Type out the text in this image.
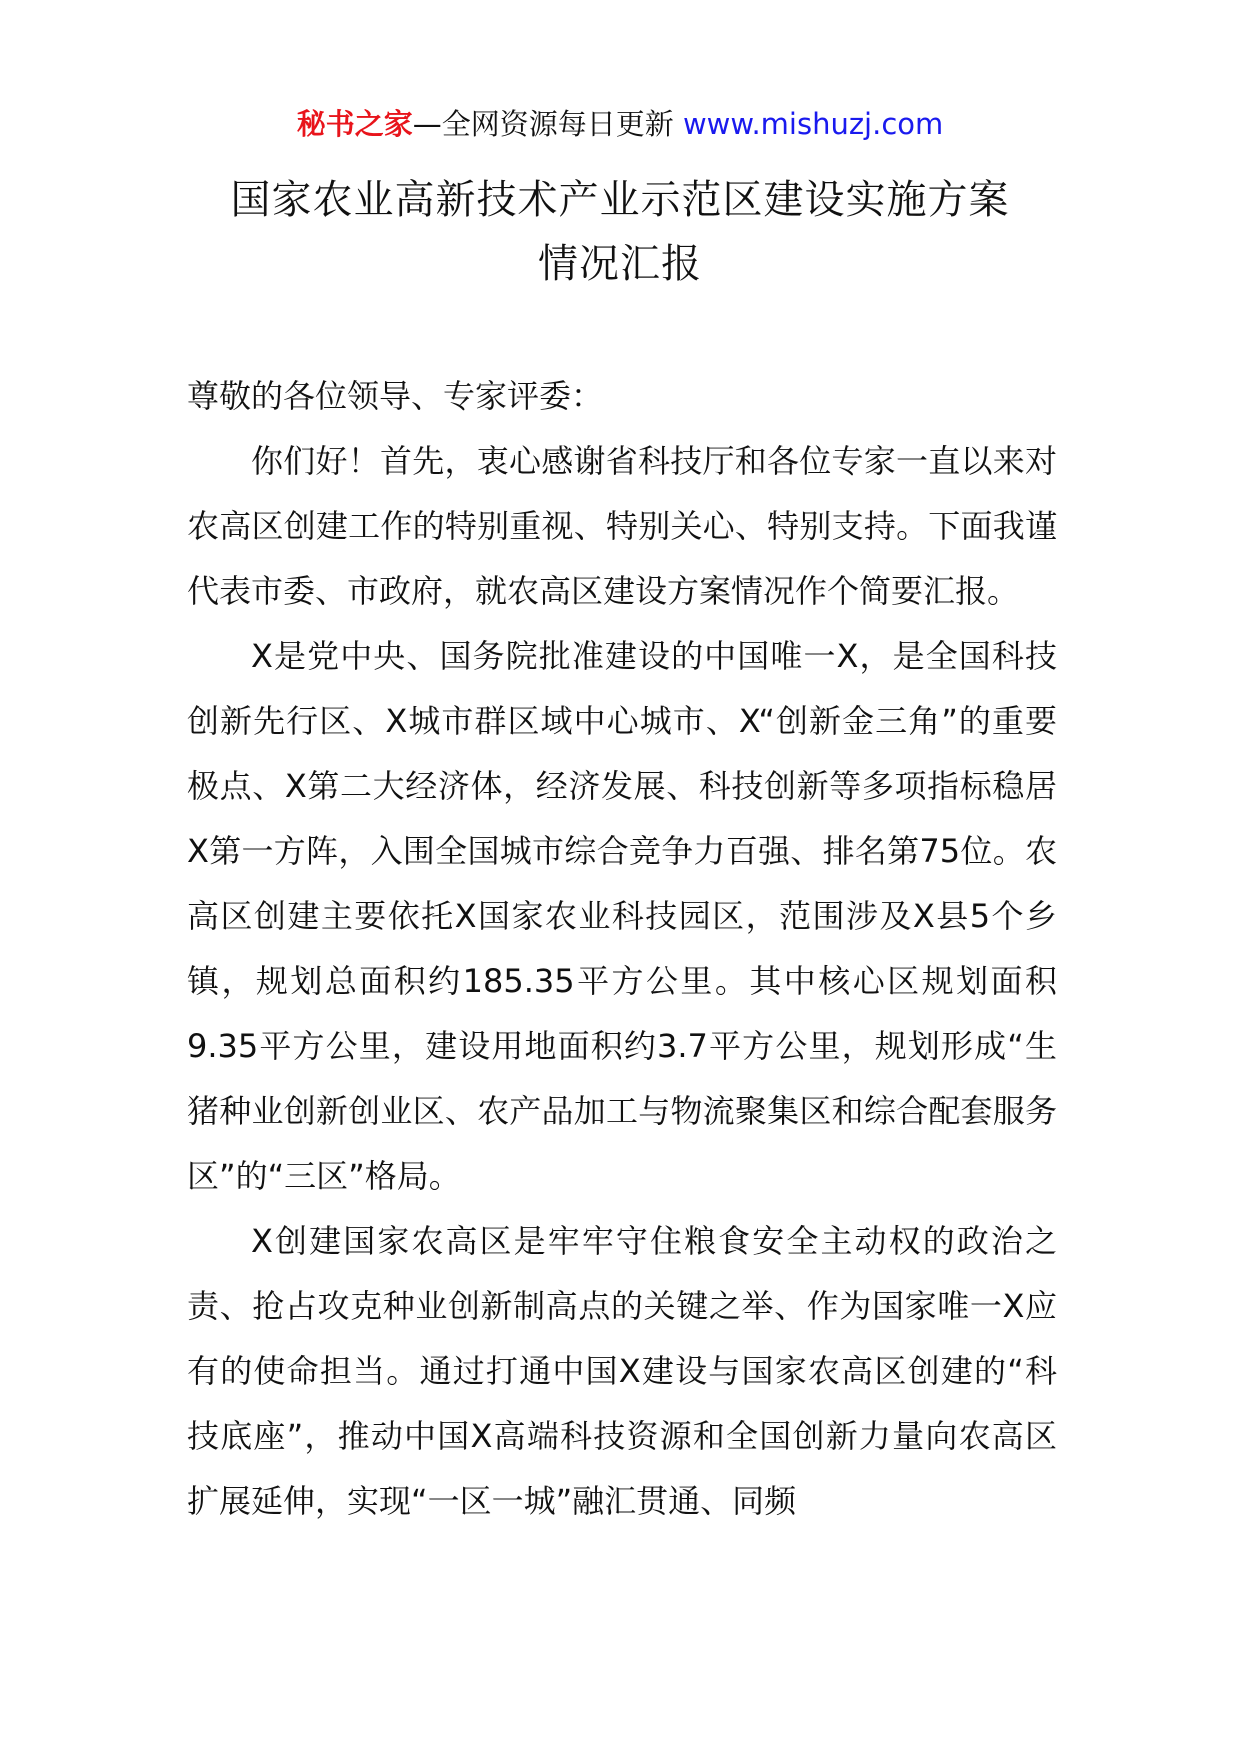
秘书之家—全网资源每日更新 www.mishuzj.com
国家农业高新技术产业示范区建设实施方案
情况汇报

尊敬的各位领导、专家评委：

你们好！首先，衷心感谢省科技厅和各位专家一直以来对农高区创建工作的特别重视、特别关心、特别支持。下面我谨代表市委、市政府，就农高区建设方案情况作个简要汇报。

X是党中央、国务院批准建设的中国唯一X，是全国科技创新先行区、X城市群区域中心城市、X“创新金三角”的重要极点、X第二大经济体，经济发展、科技创新等多项指标稳居X第一方阵，入围全国城市综合竞争力百强、排名第75位。农高区创建主要依托X国家农业科技园区，范围涉及X县5个乡镇，规划总面积约185.35平方公里。其中核心区规划面积9.35平方公里，建设用地面积约3.7平方公里，规划形成“生猪种业创新创业区、农产品加工与物流聚集区和综合配套服务区”的“三区”格局。

X创建国家农高区是牢牢守住粮食安全主动权的政治之责、抢占攻克种业创新制高点的关键之举、作为国家唯一X应有的使命担当。通过打通中国X建设与国家农高区创建的“科技底座”，推动中国X高端科技资源和全国创新力量向农高区扩展延伸，实现“一区一城”融汇贯通、同频
